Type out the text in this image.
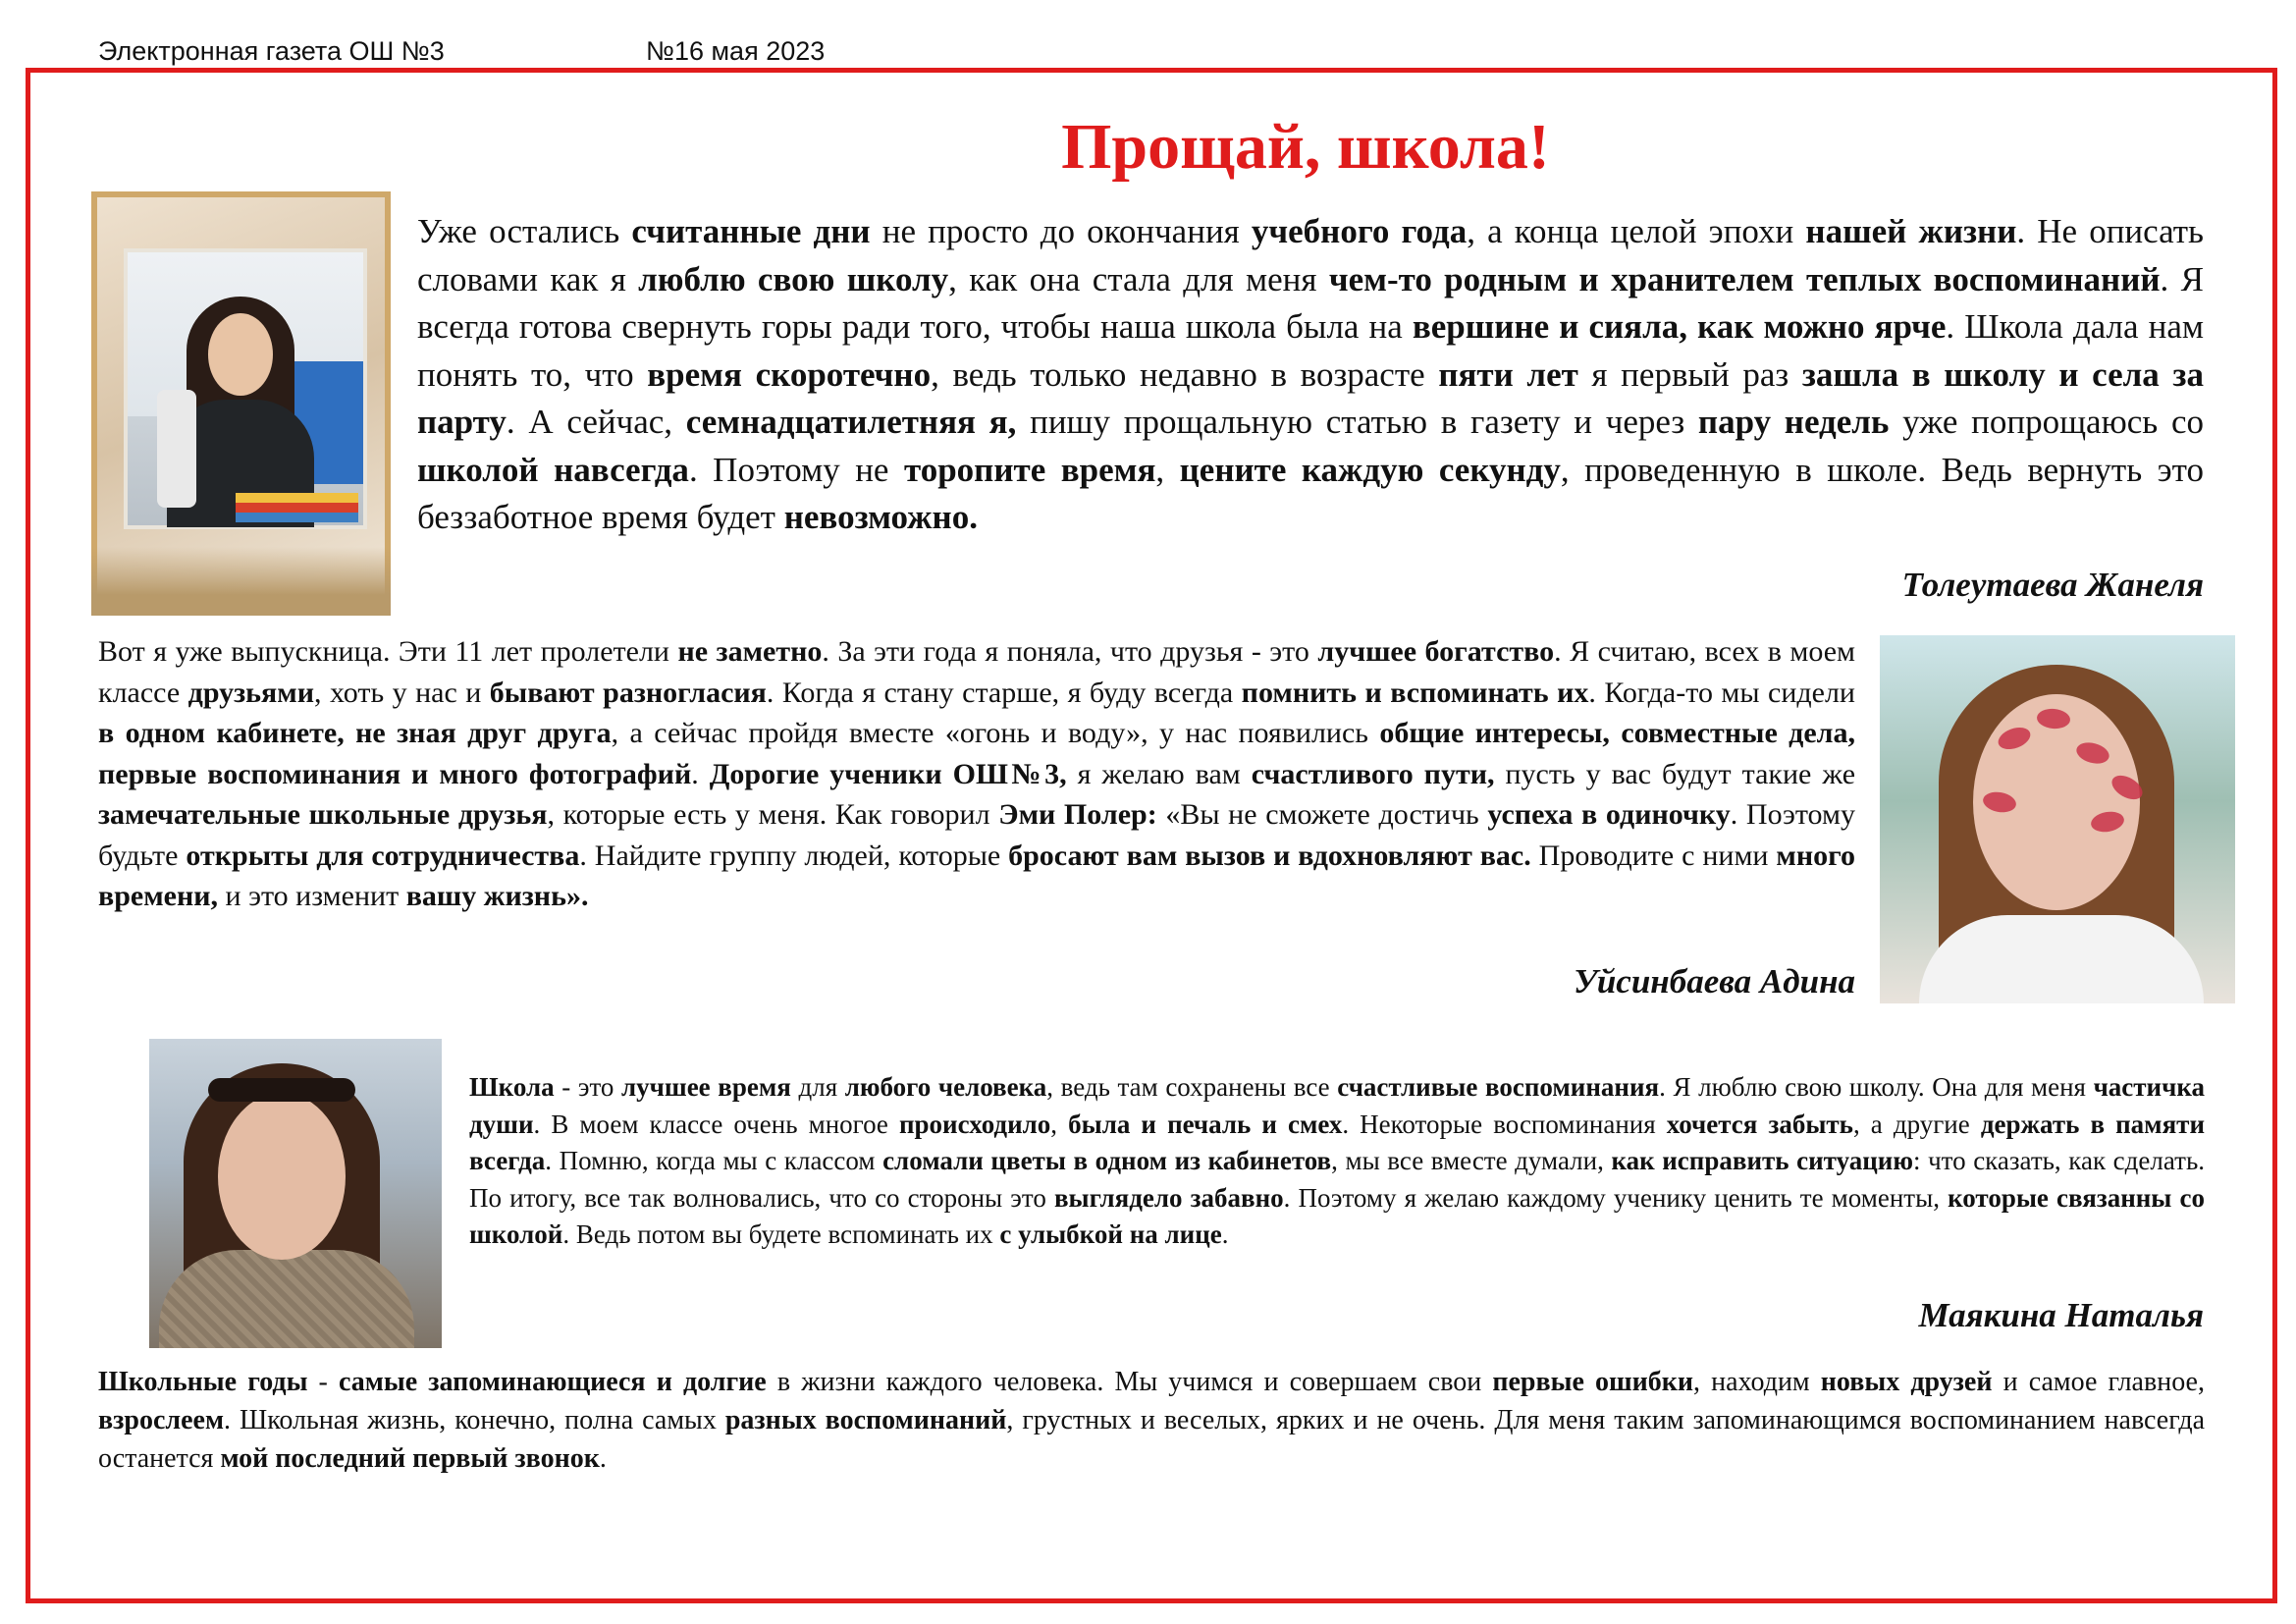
Электронная газета ОШ №3	№16 мая 2023
Прощай, школа!

Уже остались считанные дни не просто до окончания учебного года, а конца целой эпохи нашей жизни. Не описать словами как я люблю свою школу, как она стала для меня чем-то родным и хранителем теплых воспоминаний. Я всегда готова свернуть горы ради того, чтобы наша школа была на вершине и сияла, как можно ярче. Школа дала нам понять то, что время скоротечно, ведь только недавно в возрасте пяти лет я первый раз зашла в школу и села за парту. А сейчас, семнадцатилетняя я, пишу прощальную статью в газету и через пару недель уже попрощаюсь со школой навсегда. Поэтому не торопите время, цените каждую секунду, проведенную в школе. Ведь вернуть это беззаботное время будет невозможно.

Толеутаева Жанеля

Вот я уже выпускница. Эти 11 лет пролетели не заметно. За эти года я поняла, что друзья - это лучшее богатство. Я считаю, всех в моем классе друзьями, хоть у нас и бывают разногласия. Когда я стану старше, я буду всегда помнить и вспоминать их. Когда-то мы сидели в одном кабинете, не зная друг друга, а сейчас пройдя вместе «огонь и воду», у нас появились общие интересы, совместные дела, первые воспоминания и много фотографий. Дорогие ученики ОШ№3, я желаю вам счастливого пути, пусть у вас будут такие же замечательные школьные друзья, которые есть у меня. Как говорил Эми Полер: «Вы не сможете достичь успеха в одиночку. Поэтому будьте открыты для сотрудничества. Найдите группу людей, которые бросают вам вызов и вдохновляют вас. Проводите с ними много времени, и это изменит вашу жизнь».

Уйсинбаева Адина

Школа - это лучшее время для любого человека, ведь там сохранены все счастливые воспоминания. Я люблю свою школу. Она для меня частичка души. В моем классе очень многое происходило, была и печаль и смех. Некоторые воспоминания хочется забыть, а другие держать в памяти всегда. Помню, когда мы с классом сломали цветы в одном из кабинетов, мы все вместе думали, как исправить ситуацию: что сказать, как сделать. По итогу, все так волновались, что со стороны это выглядело забавно. Поэтому я желаю каждому ученику ценить те моменты, которые связанны со школой. Ведь потом вы будете вспоминать их с улыбкой на лице.

Маякина Наталья

Школьные годы - самые запоминающиеся и долгие в жизни каждого человека. Мы учимся и совершаем свои первые ошибки, находим новых друзей и самое главное, взрослеем. Школьная жизнь, конечно, полна самых разных воспоминаний, грустных и веселых, ярких и не очень. Для меня таким запоминающимся воспоминанием навсегда останется мой последний первый звонок.
